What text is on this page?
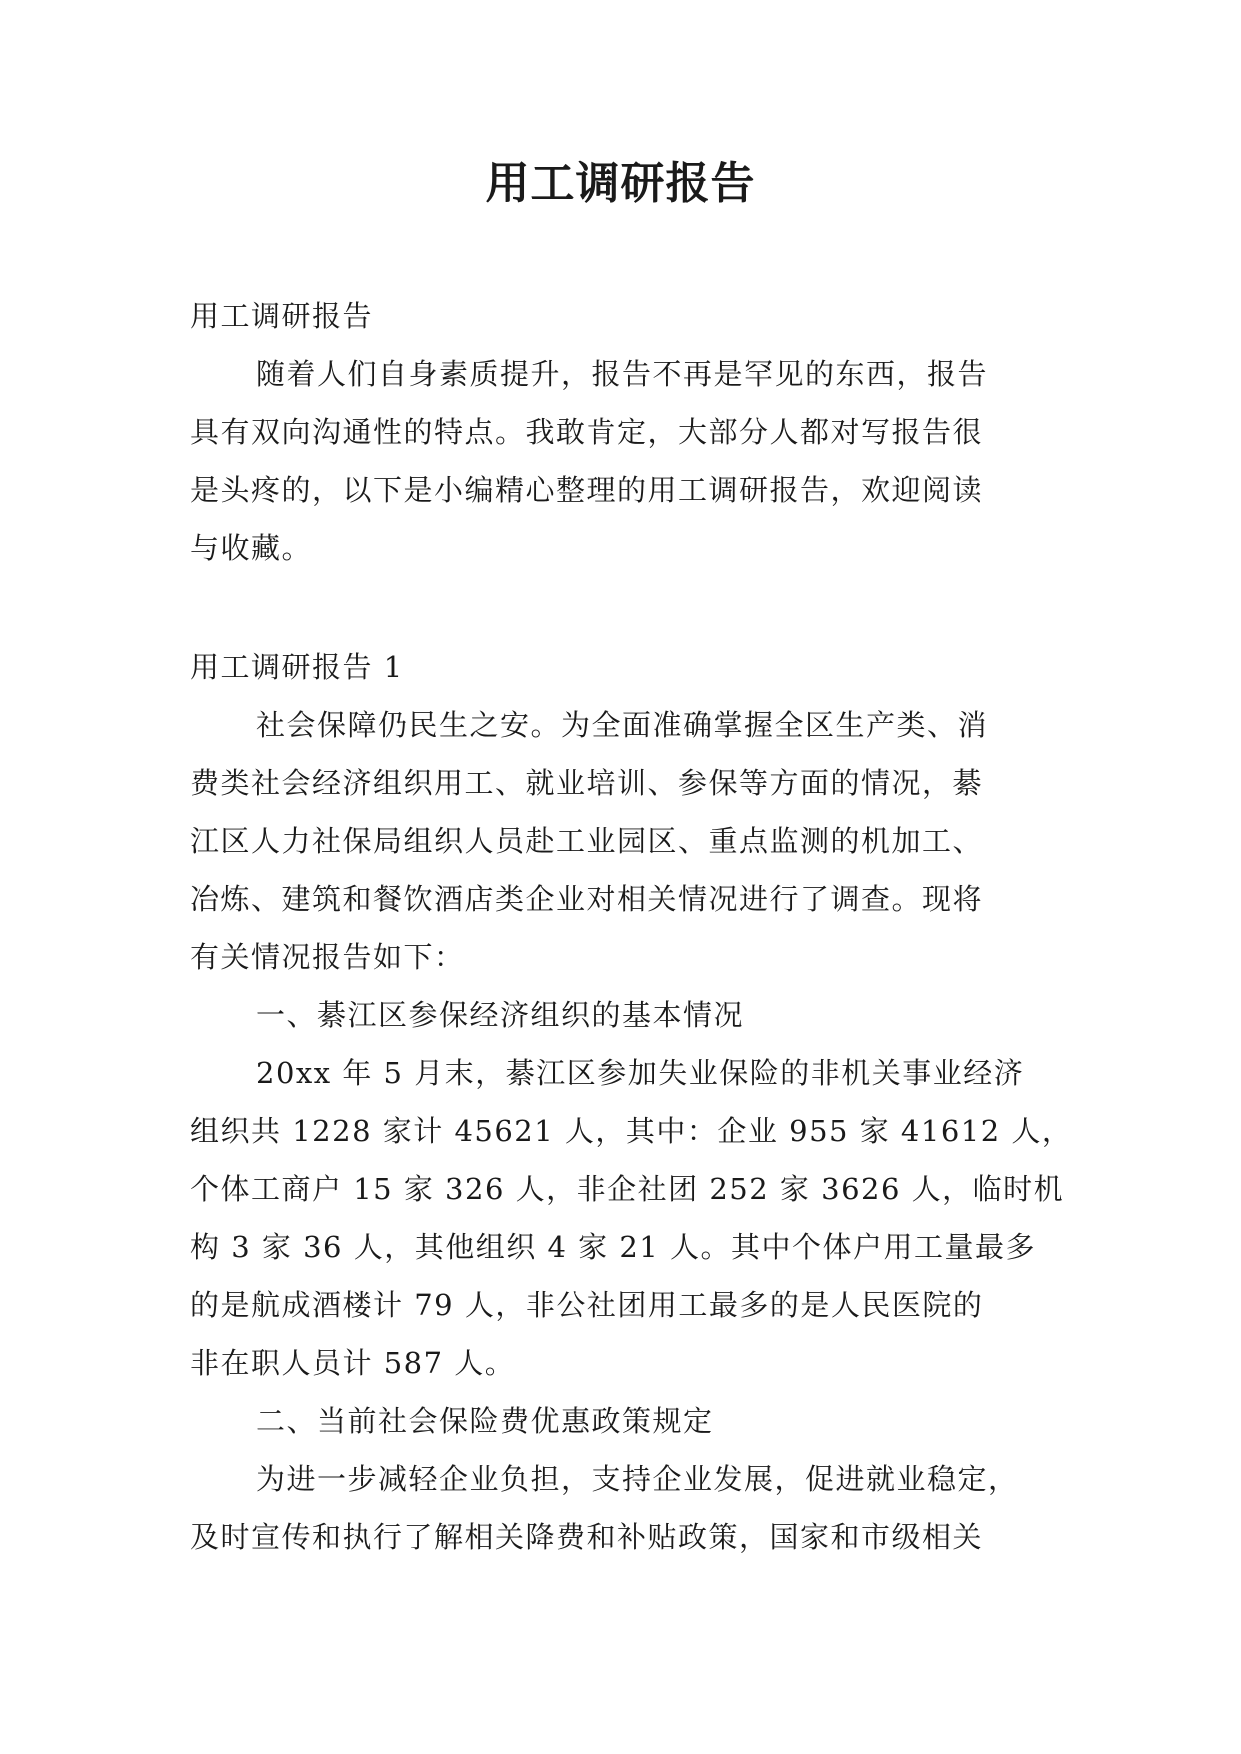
用工调研报告
用工调研报告
随着人们自身素质提升，报告不再是罕见的东西，报告
具有双向沟通性的特点。我敢肯定，大部分人都对写报告很
是头疼的，以下是小编精心整理的用工调研报告，欢迎阅读
与收藏。
用工调研报告 1
社会保障仍民生之安。为全面准确掌握全区生产类、消
费类社会经济组织用工、就业培训、参保等方面的情况，綦
江区人力社保局组织人员赴工业园区、重点监测的机加工、
冶炼、建筑和餐饮酒店类企业对相关情况进行了调查。现将
有关情况报告如下：
一、綦江区参保经济组织的基本情况
20xx 年 5 月末，綦江区参加失业保险的非机关事业经济
组织共 1228 家计 45621 人，其中：企业 955 家 41612 人，
个体工商户 15 家 326 人，非企社团 252 家 3626 人，临时机
构 3 家 36 人，其他组织 4 家 21 人。其中个体户用工量最多
的是航成酒楼计 79 人，非公社团用工最多的是人民医院的
非在职人员计 587 人。
二、当前社会保险费优惠政策规定
为进一步减轻企业负担，支持企业发展，促进就业稳定，
及时宣传和执行了解相关降费和补贴政策，国家和市级相关
